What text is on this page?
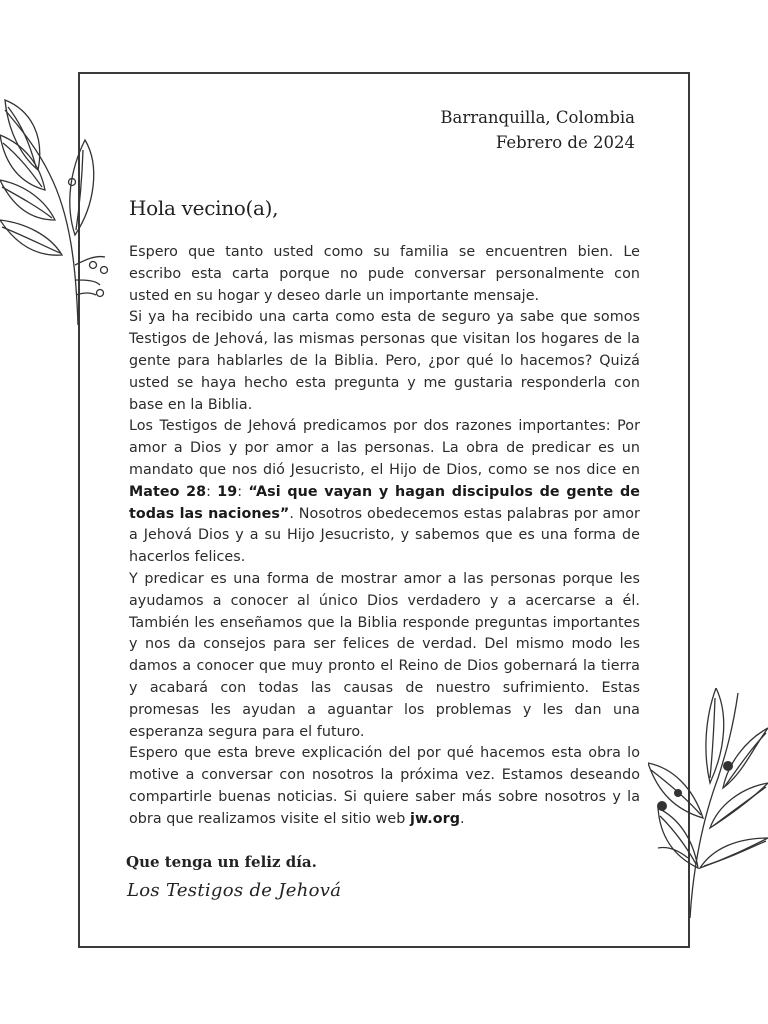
Barranquilla, Colombia
Febrero de 2024
Hola vecino(a),

Espero que tanto usted como su familia se encuentren bien. Le escribo esta carta porque no pude conversar personalmente con usted en su hogar y deseo darle un importante mensaje.

Si ya ha recibido una carta como esta de seguro ya sabe que somos Testigos de Jehová, las mismas personas que visitan los hogares de la gente para hablarles de la Biblia. Pero, ¿por qué lo hacemos? Quizá usted se haya hecho esta pregunta y me gustaria responderla con base en la Biblia.

Los Testigos de Jehová predicamos por dos razones importantes: Por amor a Dios y por amor a las personas. La obra de predicar es un mandato que nos dió Jesucristo, el Hijo de Dios, como se nos dice en Mateo 28: 19: “Asi que vayan y hagan discipulos de gente de todas las naciones”. Nosotros obedecemos estas palabras por amor a Jehová Dios y a su Hijo Jesucristo, y sabemos que es una forma de hacerlos felices.

Y predicar es una forma de mostrar amor a las personas porque les ayudamos a conocer al único Dios verdadero y a acercarse a él. También les enseñamos que la Biblia responde preguntas importantes y nos da consejos para ser felices de verdad. Del mismo modo les damos a conocer que muy pronto el Reino de Dios gobernará la tierra y acabará con todas las causas de nuestro sufrimiento. Estas promesas les ayudan a aguantar los problemas y les dan una esperanza segura para el futuro.

Espero que esta breve explicación del por qué hacemos esta obra lo motive a conversar con nosotros la próxima vez. Estamos deseando compartirle buenas noticias. Si quiere saber más sobre nosotros y la obra que realizamos visite el sitio web jw.org.

Que tenga un feliz día.
Los Testigos de Jehová
